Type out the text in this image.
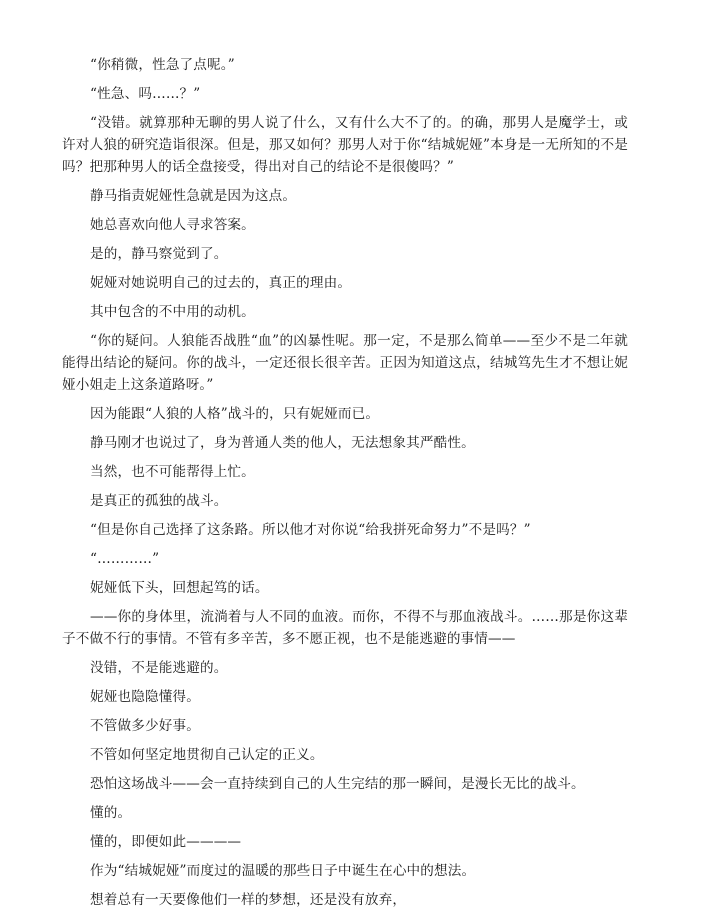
“你稍微，性急了点呢。”

“性急、吗……？”

“没错。就算那种无聊的男人说了什么，又有什么大不了的。的确，那男人是魔学士，或许对人狼的研究造诣很深。但是，那又如何？那男人对于你“结城妮娅”本身是一无所知的不是吗？把那种男人的话全盘接受，得出对自己的结论不是很傻吗？”

静马指责妮娅性急就是因为这点。

她总喜欢向他人寻求答案。

是的，静马察觉到了。

妮娅对她说明自己的过去的，真正的理由。

其中包含的不中用的动机。

“你的疑问。人狼能否战胜“血”的凶暴性呢。那一定，不是那么简单——至少不是二年就能得出结论的疑问。你的战斗，一定还很长很辛苦。正因为知道这点，结城笃先生才不想让妮娅小姐走上这条道路呀。”

因为能跟“人狼的人格”战斗的，只有妮娅而已。

静马刚才也说过了，身为普通人类的他人，无法想象其严酷性。

当然，也不可能帮得上忙。

是真正的孤独的战斗。

“但是你自己选择了这条路。所以他才对你说“给我拼死命努力”不是吗？”

“…………”

妮娅低下头，回想起笃的话。

——你的身体里，流淌着与人不同的血液。而你，不得不与那血液战斗。……那是你这辈子不做不行的事情。不管有多辛苦，多不愿正视，也不是能逃避的事情——

没错，不是能逃避的。

妮娅也隐隐懂得。

不管做多少好事。

不管如何坚定地贯彻自己认定的正义。

恐怕这场战斗——会一直持续到自己的人生完结的那一瞬间，是漫长无比的战斗。

懂的。

懂的，即便如此————

作为“结城妮娅”而度过的温暖的那些日子中诞生在心中的想法。

想着总有一天要像他们一样的梦想，还是没有放弃，
